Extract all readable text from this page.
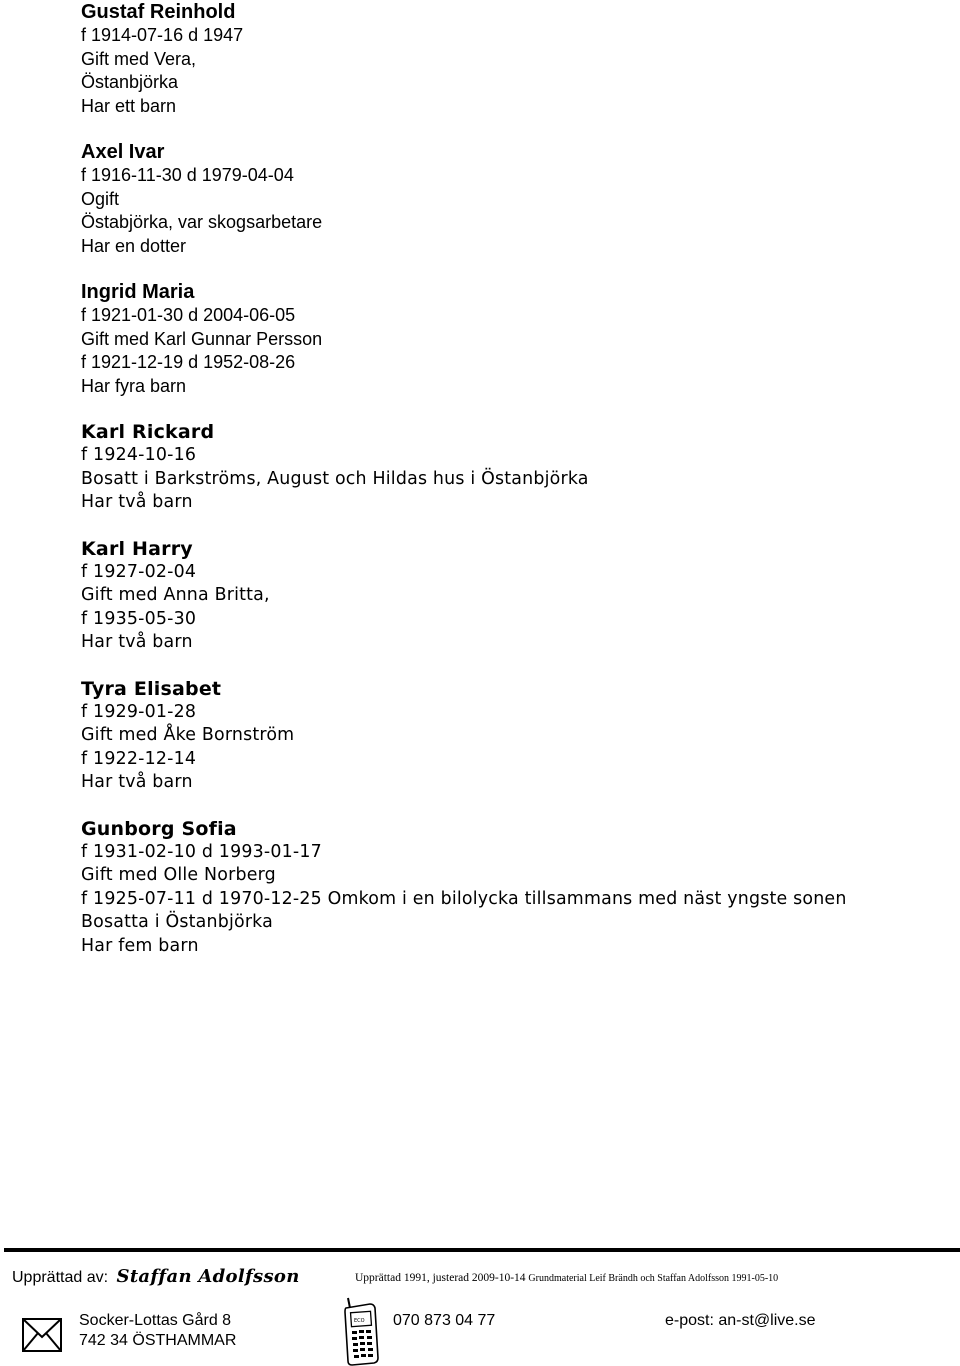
Gustaf Reinhold
f 1914-07-16 d 1947
Gift med Vera,
Östanbjörka
Har ett barn
Axel Ivar
f 1916-11-30 d 1979-04-04
Ogift
Östabjörka, var skogsarbetare
Har en dotter
Ingrid Maria
f 1921-01-30 d 2004-06-05
Gift med Karl Gunnar Persson
f 1921-12-19 d 1952-08-26
Har fyra barn
Karl Rickard
f 1924-10-16
Bosatt i Barkströms, August och Hildas hus i Östanbjörka
Har två barn
Karl Harry
f 1927-02-04
Gift med Anna Britta,
f 1935-05-30
Har två barn
Tyra Elisabet
f 1929-01-28
Gift med Åke Bornström
f 1922-12-14
Har två barn
Gunborg Sofia
f 1931-02-10 d 1993-01-17
Gift med Olle Norberg
f 1925-07-11 d 1970-12-25 Omkom i en bilolycka tillsammans med näst yngste sonen
Bosatta i Östanbjörka
Har fem barn
Upprättad av: Staffan Adolfsson	Upprättad 1991, justerad 2009-10-14 Grundmaterial Leif Brändh och Staffan Adolfsson 1991-05-10
Socker-Lottas Gård 8
742 34 ÖSTHAMMAR
ECO 070 873 04 77	e-post: an-st@live.se
